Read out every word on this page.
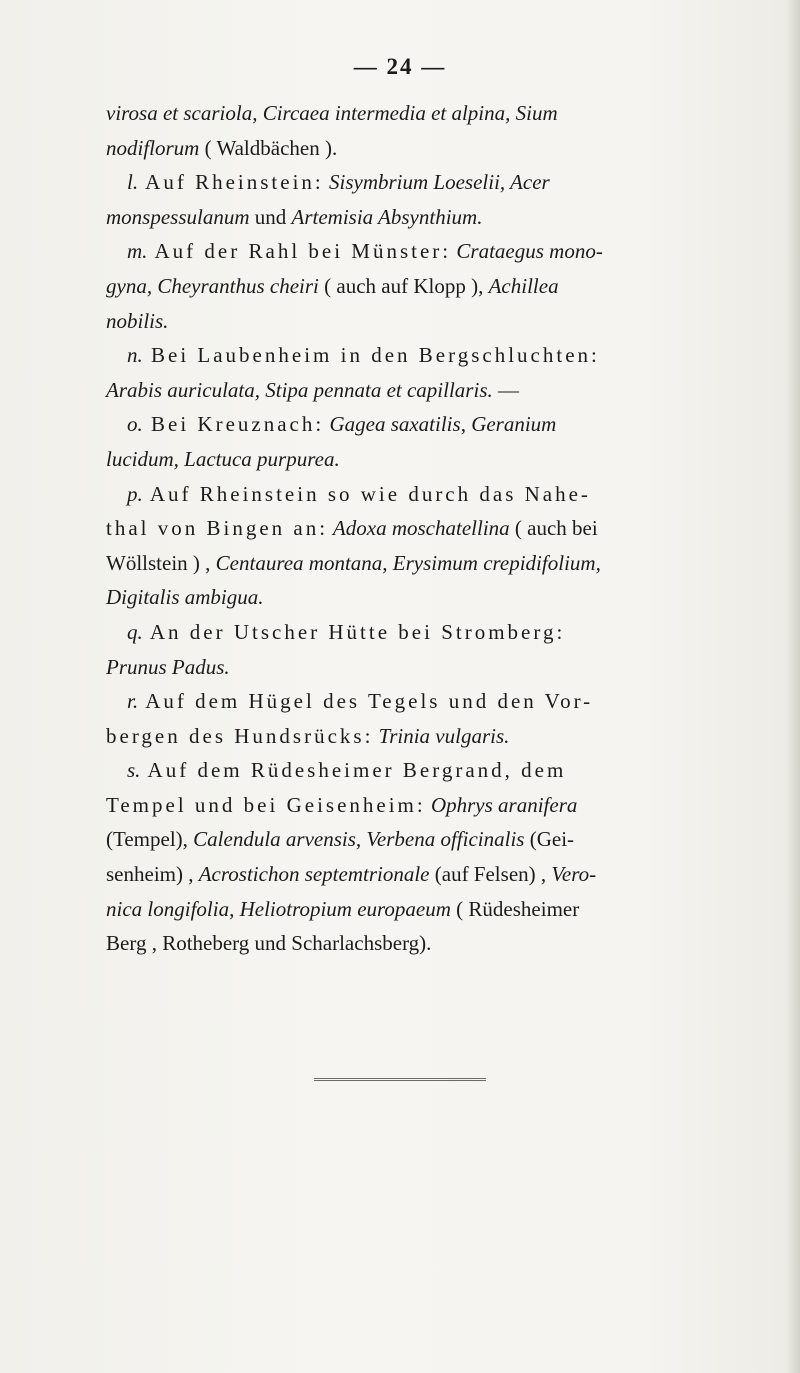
— 24 —

virosa et scariola, Circaea intermedia et alpina, Sium
nodiflorum ( Waldbächen ).

 l. Auf Rheinstein: Sisymbrium Loeselii, Acer
monspessulanum und Artemisia Absynthium.

 m. Auf der Rahl bei Münster: Crataegus mono-
gyna, Cheyranthus cheiri ( auch auf Klopp ), Achillea
nobilis.

 n. Bei Laubenheim in den Bergschluchten:
Arabis auriculata, Stipa pennata et capillaris. —

 o. Bei Kreuznach: Gagea saxatilis, Geranium
lucidum, Lactuca purpurea.

 p. Auf Rheinstein so wie durch das Nahe-
thal von Bingen an: Adoxa moschatellina ( auch bei
Wöllstein ) , Centaurea montana, Erysimum crepidifolium,
Digitalis ambigua.

 q. An der Utscher Hütte bei Stromberg:
Prunus Padus.

 r. Auf dem Hügel des Tegels und den Vor-
bergen des Hundsrücks: Trinia vulgaris.

 s. Auf dem Rüdesheimer Bergrand, dem
Tempel und bei Geisenheim: Ophrys aranifera
(Tempel), Calendula arvensis, Verbena officinalis (Gei-
senheim) , Acrostichon septemtrionale (auf Felsen) , Vero-
nica longifolia, Heliotropium europaeum ( Rüdesheimer
Berg , Rotheberg und Scharlachsberg).
